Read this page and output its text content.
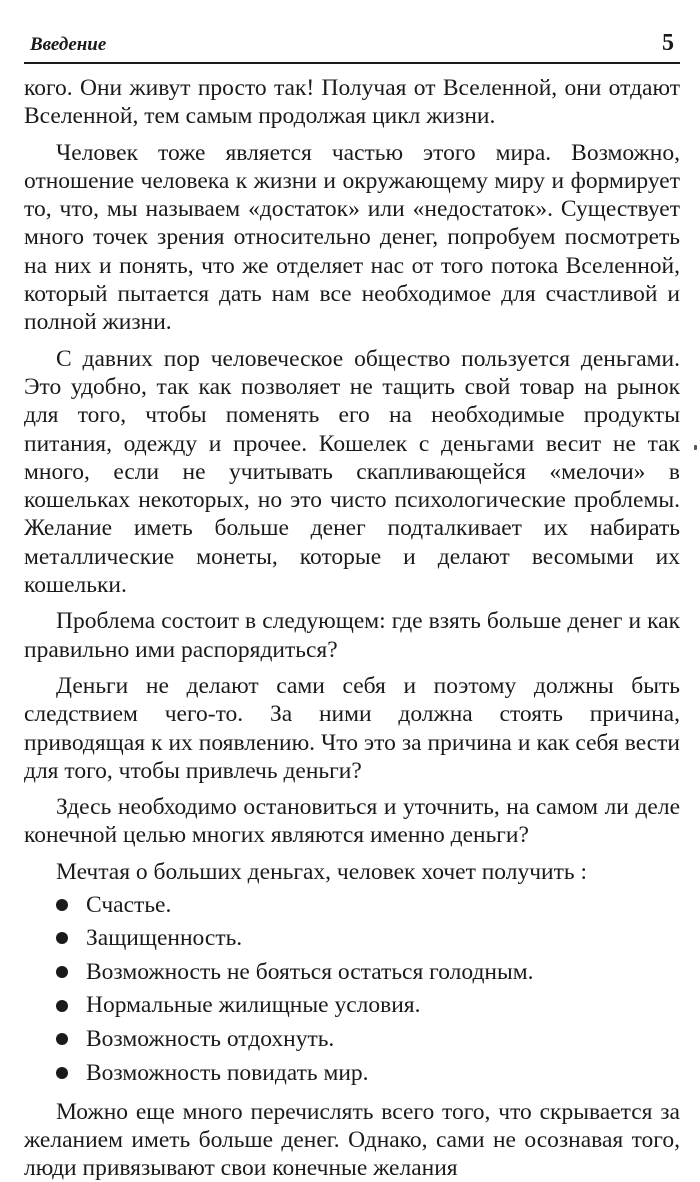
Введение	5

кого. Они живут просто так! Получая от Вселенной, они отдают Вселенной, тем самым продолжая цикл жизни.

Человек тоже является частью этого мира. Возможно, отношение человека к жизни и окружающему миру и формирует то, что, мы называем «достаток» или «недостаток». Существует много точек зрения относительно денег, попробуем посмотреть на них и понять, что же отделяет нас от того потока Вселенной, который пытается дать нам все необходимое для счастливой и полной жизни.

С давних пор человеческое общество пользуется деньгами. Это удобно, так как позволяет не тащить свой товар на рынок для того, чтобы поменять его на необходимые продукты питания, одежду и прочее. Кошелек с деньгами весит не так много, если не учитывать скапливающейся «мелочи» в кошельках некоторых, но это чисто психологические проблемы. Желание иметь больше денег подталкивает их набирать металлические монеты, которые и делают весомыми их кошельки.

Проблема состоит в следующем: где взять больше денег и как правильно ими распорядиться?

Деньги не делают сами себя и поэтому должны быть следствием чего-то. За ними должна стоять причина, приводящая к их появлению. Что это за причина и как себя вести для того, чтобы привлечь деньги?

Здесь необходимо остановиться и уточнить, на самом ли деле конечной целью многих являются именно деньги?

Мечтая о больших деньгах, человек хочет получить :

Счастье.
Защищенность.
Возможность не бояться остаться голодным.
Нормальные жилищные условия.
Возможность отдохнуть.
Возможность повидать мир.

Можно еще много перечислять всего того, что скрывается за желанием иметь больше денег. Однако, сами не осознавая того, люди привязывают свои конечные желания
